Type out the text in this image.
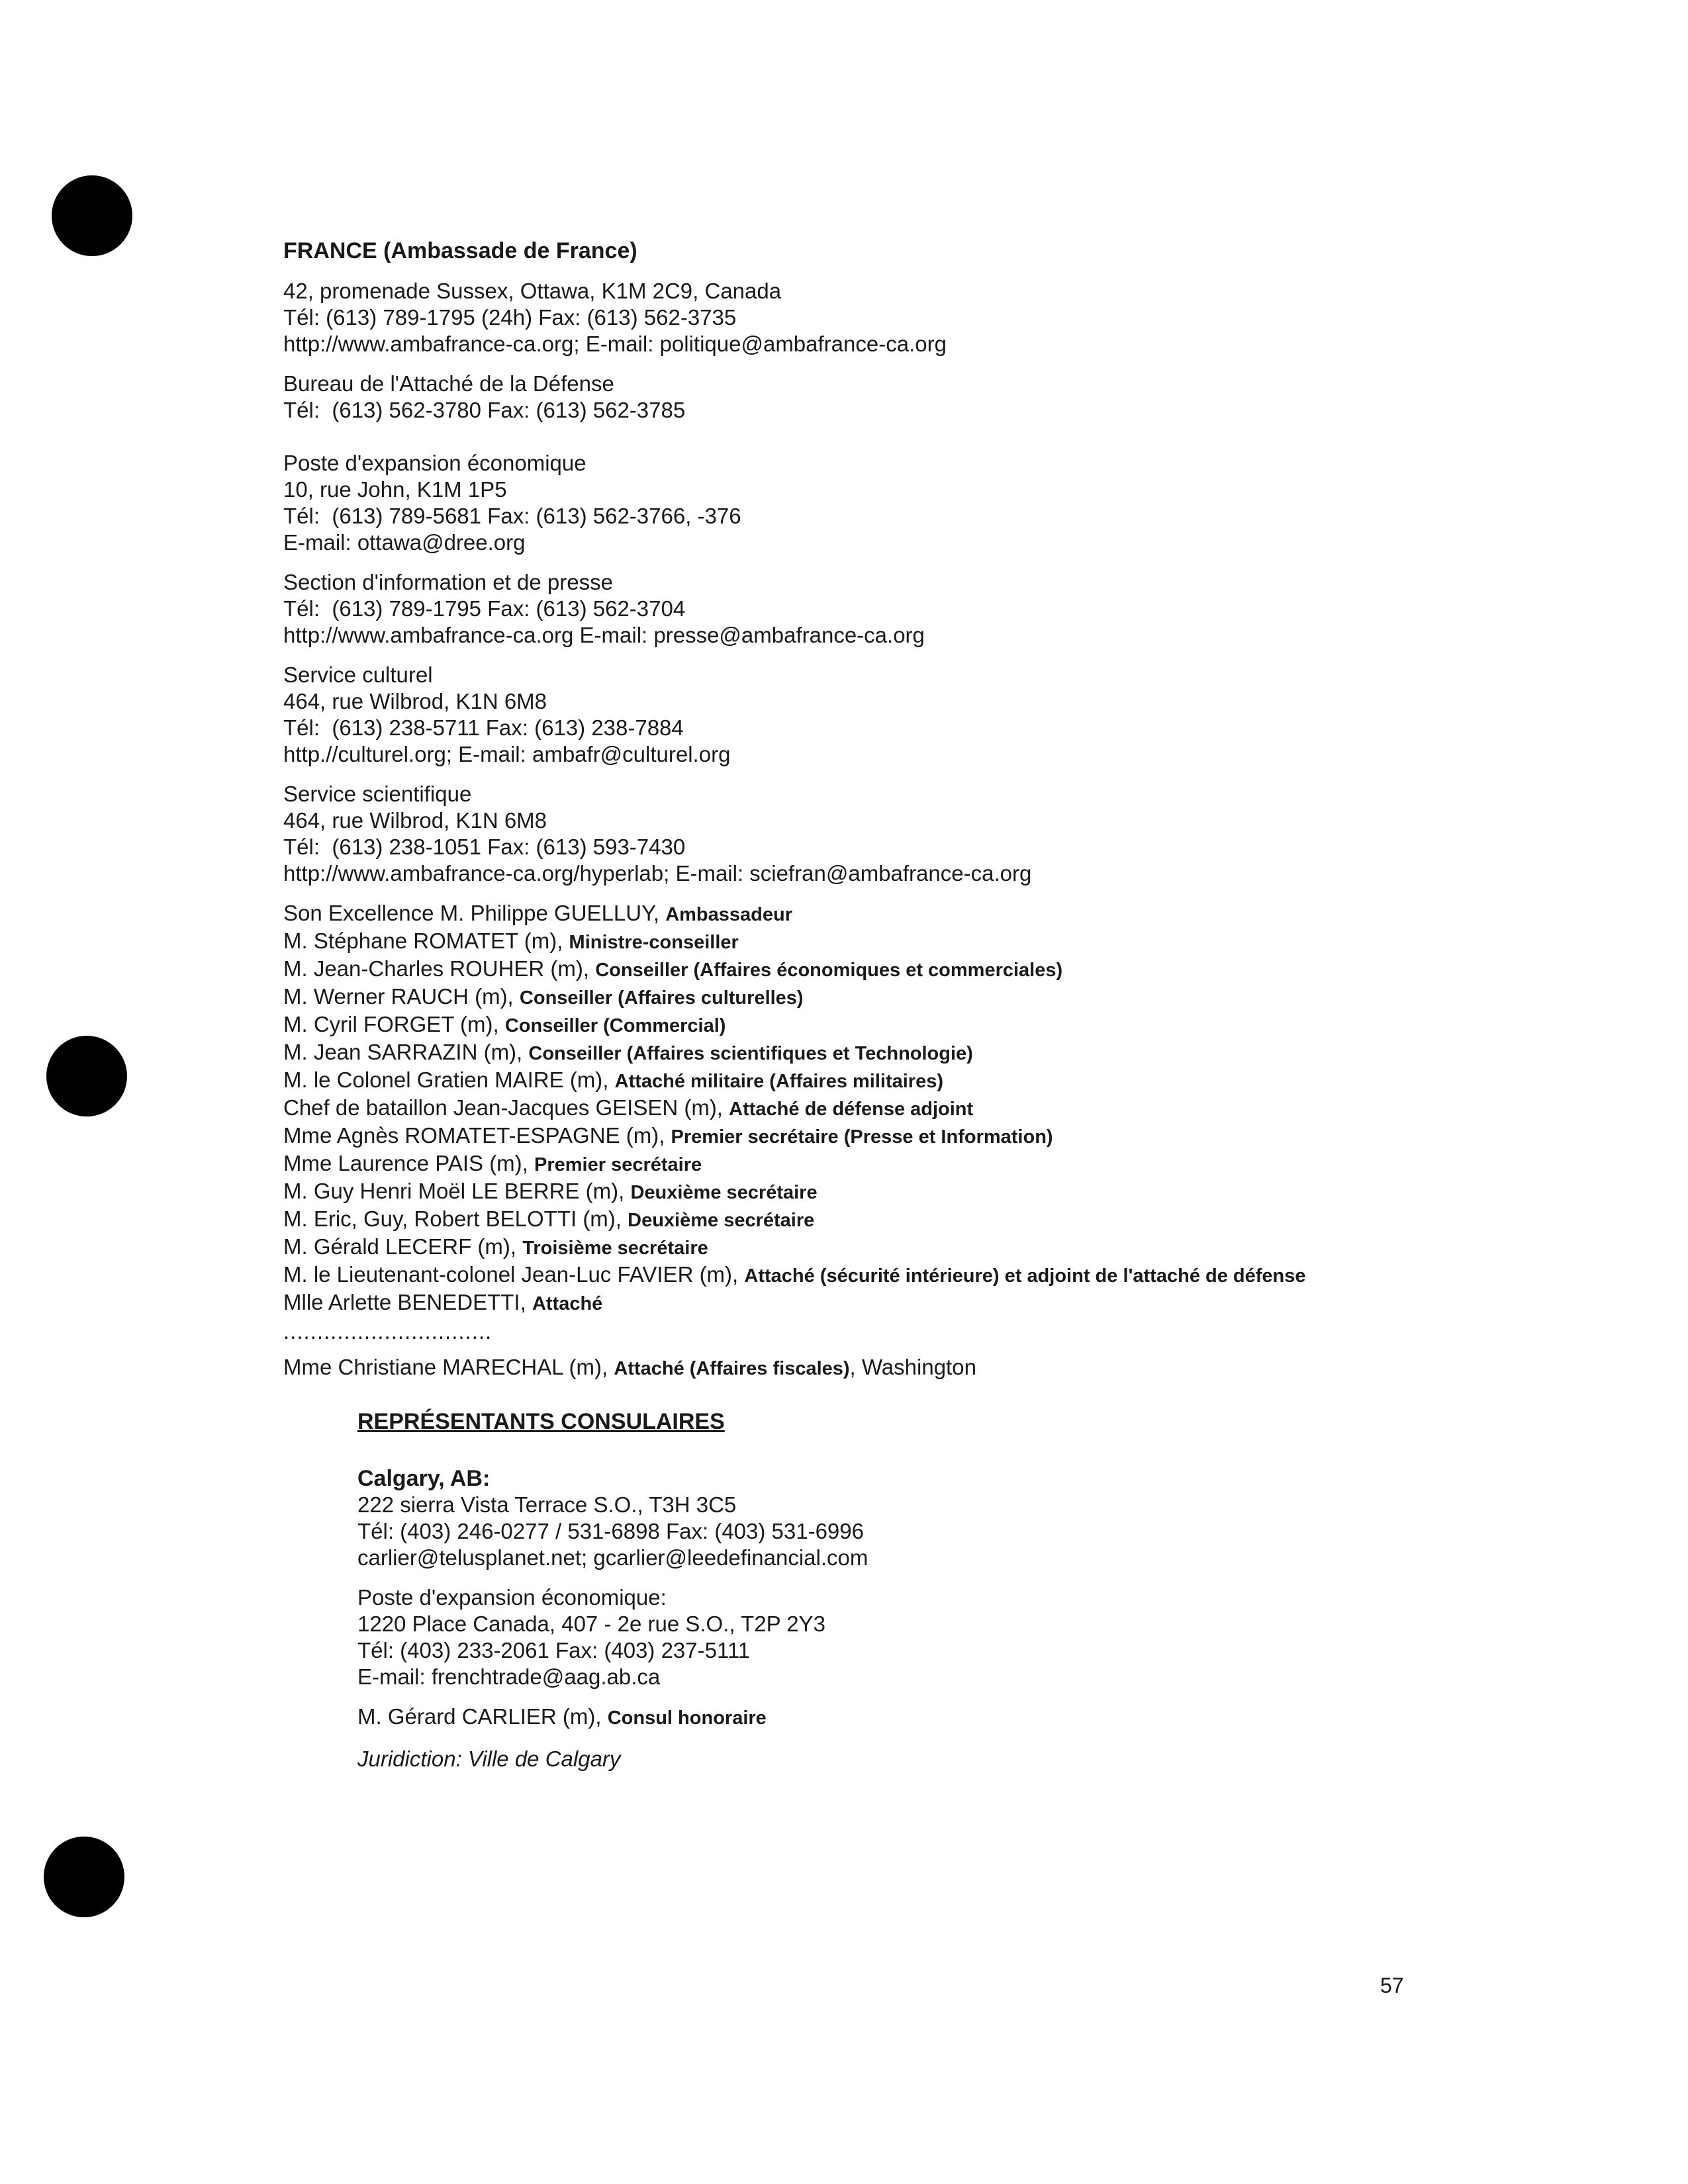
FRANCE (Ambassade de France)
42, promenade Sussex, Ottawa, K1M 2C9, Canada
Tél: (613) 789-1795 (24h) Fax: (613) 562-3735
http://www.ambafrance-ca.org; E-mail: politique@ambafrance-ca.org
Bureau de l'Attaché de la Défense
Tél:  (613) 562-3780 Fax: (613) 562-3785
Poste d'expansion économique
10, rue John, K1M 1P5
Tél:  (613) 789-5681 Fax: (613) 562-3766, -376
E-mail: ottawa@dree.org
Section d'information et de presse
Tél:  (613) 789-1795 Fax: (613) 562-3704
http://www.ambafrance-ca.org E-mail: presse@ambafrance-ca.org
Service culturel
464, rue Wilbrod, K1N 6M8
Tél:  (613) 238-5711 Fax: (613) 238-7884
http.//culturel.org; E-mail: ambafr@culturel.org
Service scientifique
464, rue Wilbrod, K1N 6M8
Tél:  (613) 238-1051 Fax: (613) 593-7430
http://www.ambafrance-ca.org/hyperlab; E-mail: sciefran@ambafrance-ca.org
Son Excellence M. Philippe GUELLUY, Ambassadeur
M. Stéphane ROMATET (m), Ministre-conseiller
M. Jean-Charles ROUHER (m), Conseiller (Affaires économiques et commerciales)
M. Werner RAUCH (m), Conseiller (Affaires culturelles)
M. Cyril FORGET (m), Conseiller (Commercial)
M. Jean SARRAZIN (m), Conseiller (Affaires scientifiques et Technologie)
M. le Colonel Gratien MAIRE (m), Attaché militaire (Affaires militaires)
Chef de bataillon Jean-Jacques GEISEN (m), Attaché de défense adjoint
Mme Agnès ROMATET-ESPAGNE (m), Premier secrétaire (Presse et Information)
Mme Laurence PAIS (m), Premier secrétaire
M. Guy Henri Moël LE BERRE (m), Deuxième secrétaire
M. Eric, Guy, Robert BELOTTI (m), Deuxième secrétaire
M. Gérald LECERF (m), Troisième secrétaire
M. le Lieutenant-colonel Jean-Luc FAVIER (m), Attaché (sécurité intérieure) et adjoint de l'attaché de défense
Mlle Arlette BENEDETTI, Attaché
...............................
Mme Christiane MARECHAL (m), Attaché (Affaires fiscales), Washington
REPRÉSENTANTS CONSULAIRES
Calgary, AB:
222 sierra Vista Terrace S.O., T3H 3C5
Tél: (403) 246-0277 / 531-6898 Fax: (403) 531-6996
carlier@telusplanet.net; gcarlier@leedefinancial.com
Poste d'expansion économique:
1220 Place Canada, 407 - 2e rue S.O., T2P 2Y3
Tél: (403) 233-2061 Fax: (403) 237-5111
E-mail: frenchtrade@aag.ab.ca
M. Gérard CARLIER (m), Consul honoraire
Juridiction: Ville de Calgary
57
